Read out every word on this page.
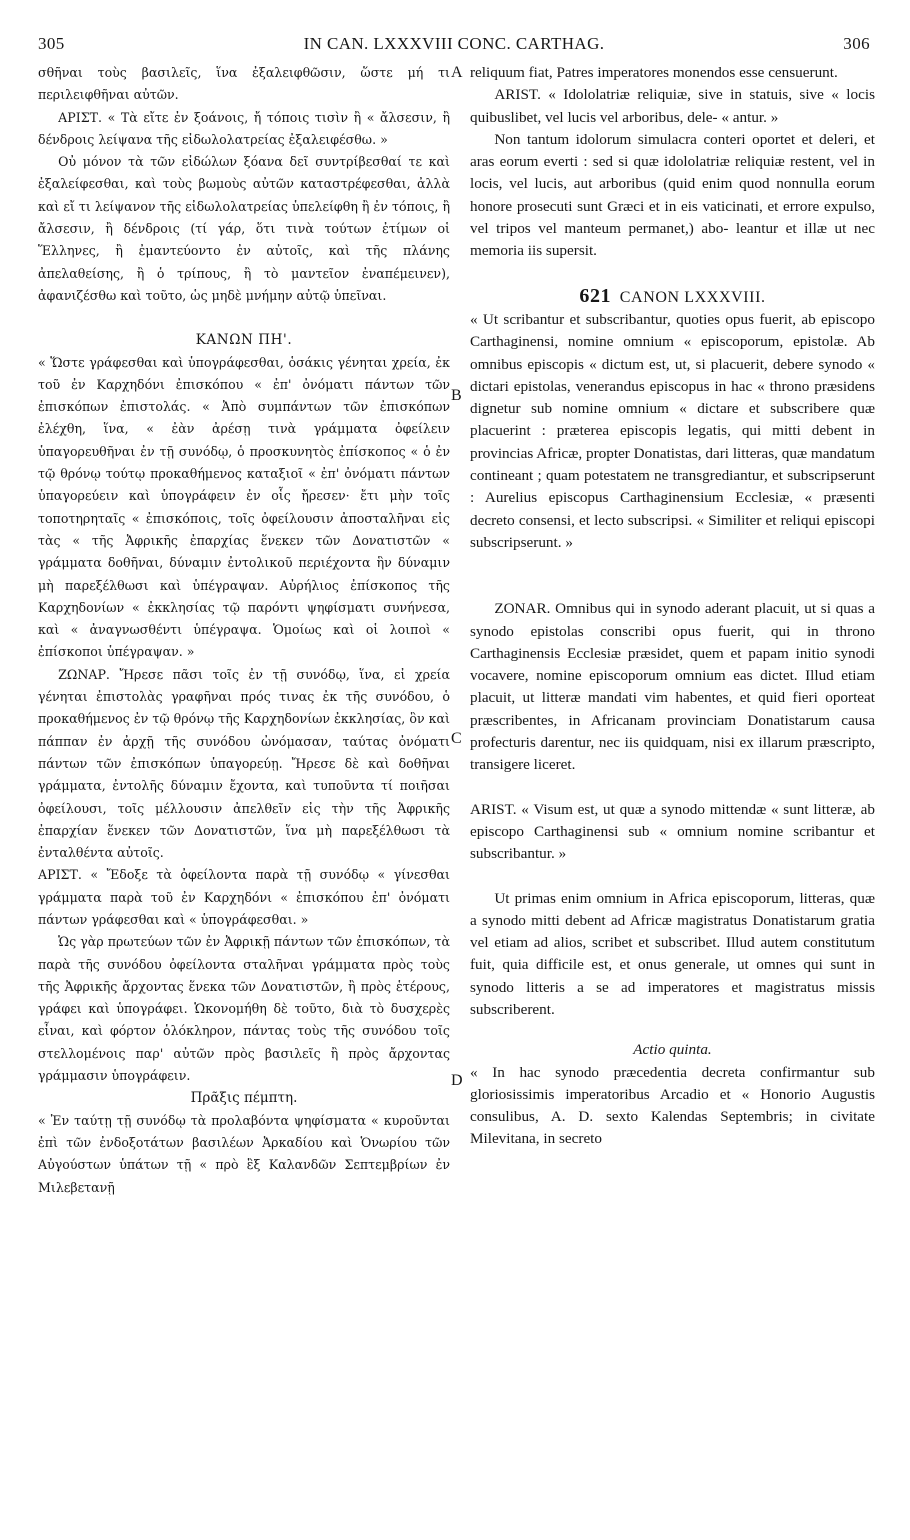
305	IN CAN. LXXXVIII CONC. CARTHAG.	306
A
B
C
D

σθῆναι τοὺς βασιλεῖς, ἵνα ἐξαλειφθῶσιν, ὥστε μή τι περιλειφθῆναι αὐτῶν.

ΑΡΙΣΤ. « Τὰ εἴτε ἐν ξοάνοις, ἤ τόποις τισὶν ἢ « ἄλσεσιν, ἢ δένδροις λείψανα τῆς εἰδωλολατρείας ἐξαλειφέσθω. »

Οὐ μόνον τὰ τῶν εἰδώλων ξόανα δεῖ συντρίβεσθαί τε καὶ ἐξαλείφεσθαι, καὶ τοὺς βωμοὺς αὐτῶν καταστρέφεσθαι, ἀλλὰ καὶ εἴ τι λείψανον τῆς εἰδωλολατρείας ὑπελείφθη ἢ ἐν τόποις, ἢ ἄλσεσιν, ἢ δένδροις (τί γάρ, ὅτι τινὰ τούτων ἐτίμων οἱ Ἕλληνες, ἢ ἐμαντεύοντο ἐν αὐτοῖς, καὶ τῆς πλάνης ἀπελαθείσης, ἢ ὁ τρίπους, ἢ τὸ μαντεῖον ἐναπέμεινεν), ἀφανιζέσθω καὶ τοῦτο, ὡς μηδὲ μνήμην αὐτῷ ὑπεῖναι.

ΚΑΝΩΝ ΠΗ'.

« Ὥστε γράφεσθαι καὶ ὑπογράφεσθαι, ὁσάκις γένηται χρεία, ἐκ τοῦ ἐν Καρχηδόνι ἐπισκόπου « ἐπ' ὀνόματι πάντων τῶν ἐπισκόπων ἐπιστολάς. « Ἀπὸ συμπάντων τῶν ἐπισκόπων ἐλέχθη, ἵνα, « ἐὰν ἀρέσῃ τινὰ γράμματα ὀφείλειν ὑπαγορευθῆναι ἐν τῇ συνόδῳ, ὁ προσκυνητὸς ἐπίσκοπος « ὁ ἐν τῷ θρόνῳ τούτῳ προκαθήμενος καταξιοῖ « ἐπ' ὀνόματι πάντων ὑπαγορεύειν καὶ ὑπογράφειν ἐν οἷς ἤρεσεν· ἔτι μὴν τοῖς τοποτηρηταῖς « ἐπισκόποις, τοῖς ὀφείλουσιν ἀποσταλῆναι εἰς τὰς « τῆς Ἀφρικῆς ἐπαρχίας ἕνεκεν τῶν Δονατιστῶν « γράμματα δοθῆναι, δύναμιν ἐντολικοῦ περιέχοντα ἣν δύναμιν μὴ παρεξέλθωσι καὶ ὑπέγραψαν. Αὐρήλιος ἐπίσκοπος τῆς Καρχηδονίων « ἐκκλησίας τῷ παρόντι ψηφίσματι συνήνεσα, καὶ « ἀναγνωσθέντι ὑπέγραψα. Ὁμοίως καὶ οἱ λοιποὶ « ἐπίσκοποι ὑπέγραψαν. »

ΖΩΝΑΡ. Ἤρεσε πᾶσι τοῖς ἐν τῇ συνόδῳ, ἵνα, εἰ χρεία γένηται ἐπιστολὰς γραφῆναι πρός τινας ἐκ τῆς συνόδου, ὁ προκαθήμενος ἐν τῷ θρόνῳ τῆς Καρχηδονίων ἐκκλησίας, ὃν καὶ πάππαν ἐν ἀρχῇ τῆς συνόδου ὠνόμασαν, ταύτας ὀνόματι πάντων τῶν ἐπισκόπων ὑπαγορεύῃ. Ἤρεσε δὲ καὶ δοθῆναι γράμματα, ἐντολῆς δύναμιν ἔχοντα, καὶ τυποῦντα τί ποιῆσαι ὀφείλουσι, τοῖς μέλλουσιν ἀπελθεῖν εἰς τὴν τῆς Ἀφρικῆς ἐπαρχίαν ἕνεκεν τῶν Δονατιστῶν, ἵνα μὴ παρεξέλθωσι τὰ ἐνταλθέντα αὐτοῖς.

ΑΡΙΣΤ. « Ἔδοξε τὰ ὀφείλοντα παρὰ τῇ συνόδῳ « γίνεσθαι γράμματα παρὰ τοῦ ἐν Καρχηδόνι « ἐπισκόπου ἐπ' ὀνόματι πάντων γράφεσθαι καὶ « ὑπογράφεσθαι. »

Ὡς γὰρ πρωτεύων τῶν ἐν Ἀφρικῇ πάντων τῶν ἐπισκόπων, τὰ παρὰ τῆς συνόδου ὀφείλοντα σταλῆναι γράμματα πρὸς τοὺς τῆς Ἀφρικῆς ἄρχοντας ἕνεκα τῶν Δονατιστῶν, ἢ πρὸς ἑτέρους, γράφει καὶ ὑπογράφει. Ὡκονομήθη δὲ τοῦτο, διὰ τὸ δυσχερὲς εἶναι, καὶ φόρτον ὁλόκληρον, πάντας τοὺς τῆς συνόδου τοῖς στελλομένοις παρ' αὐτῶν πρὸς βασιλεῖς ἢ πρὸς ἄρχοντας γράμμασιν ὑπογράφειν.

Πρᾶξις πέμπτη.

« Ἐν ταύτῃ τῇ συνόδῳ τὰ προλαβόντα ψηφίσματα « κυροῦνται ἐπὶ τῶν ἐνδοξοτάτων βασιλέων Ἀρκαδίου καὶ Ὁνωρίου τῶν Αὐγούστων ὑπάτων τῇ « πρὸ ἓξ Καλανδῶν Σεπτεμβρίων ἐν Μιλεβετανῇ

reliquum fiat, Patres imperatores monendos esse censuerunt.

ARIST. « Idololatriæ reliquiæ, sive in statuis, sive « locis quibuslibet, vel lucis vel arboribus, dele- « antur. »

Non tantum idolorum simulacra conteri oportet et deleri, et aras eorum everti : sed si quæ idololatriæ reliquiæ restent, vel in locis, vel lucis, aut arboribus (quid enim quod nonnulla eorum honore prosecuti sunt Græci et in eis vaticinati, et errore expulso, vel tripos vel manteum permanet,) abo- leantur et illæ ut nec memoria iis supersit.

621 CANON LXXXVIII.

« Ut scribantur et subscribantur, quoties opus fuerit, ab episcopo Carthaginensi, nomine omnium « episcoporum, epistolæ. Ab omnibus episcopis « dictum est, ut, si placuerit, debere synodo « dictari epistolas, venerandus episcopus in hac « throno præsidens dignetur sub nomine omnium « dictare et subscribere quæ placuerint : præterea episcopis legatis, qui mitti debent in provincias Africæ, propter Donatistas, dari litteras, quæ mandatum contineant ; quam potestatem ne transgrediantur, et subscripserunt : Aurelius episcopus Carthaginensium Ecclesiæ, « præsenti decreto consensi, et lecto subscripsi. « Similiter et reliqui episcopi subscripserunt. »

ZONAR. Omnibus qui in synodo aderant placuit, ut si quas a synodo epistolas conscribi opus fuerit, qui in throno Carthaginensis Ecclesiæ præsidet, quem et papam initio synodi vocavere, nomine episcoporum omnium eas dictet. Illud etiam placuit, ut litteræ mandati vim habentes, et quid fieri oporteat præscribentes, in Africanam provinciam Donatistarum causa profecturis darentur, nec iis quidquam, nisi ex illarum præscripto, transigere liceret.

ARIST. « Visum est, ut quæ a synodo mittendæ « sunt litteræ, ab episcopo Carthaginensi sub « omnium nomine scribantur et subscribantur. »

Ut primas enim omnium in Africa episcoporum, litteras, quæ a synodo mitti debent ad Africæ magistratus Donatistarum gratia vel etiam ad alios, scribet et subscribet. Illud autem constitutum fuit, quia difficile est, et onus generale, ut omnes qui sunt in synodo litteris a se ad imperatores et magistratus missis subscriberent.

Actio quinta.

« In hac synodo præcedentia decreta confirmantur sub gloriosissimis imperatoribus Arcadio et « Honorio Augustis consulibus, A. D. sexto Kalendas Septembris; in civitate Milevitana, in secreto
